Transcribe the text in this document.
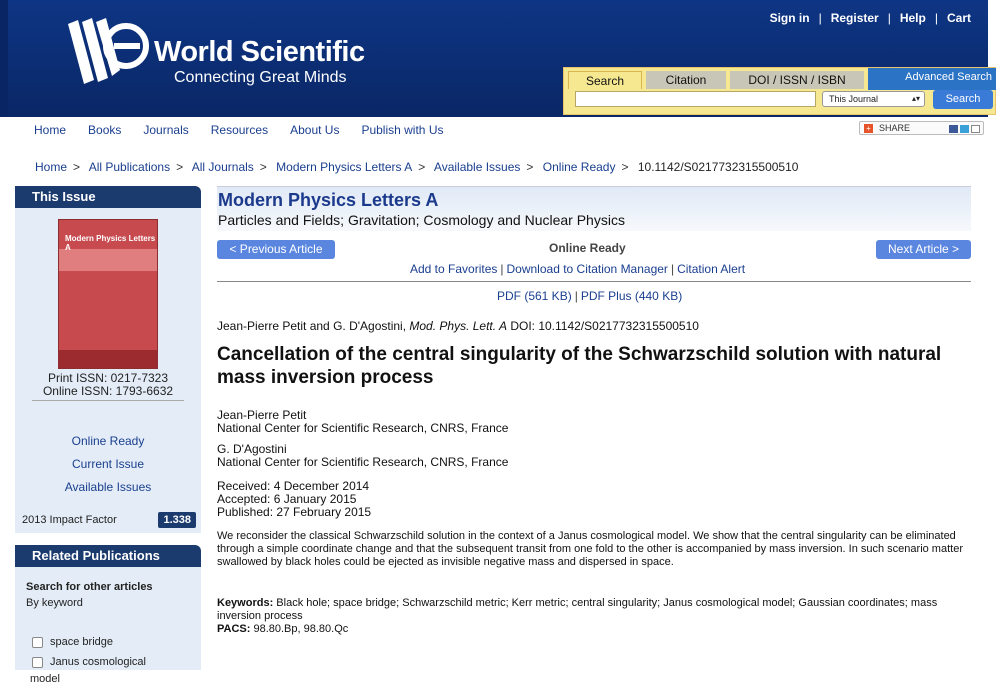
World Scientific
Connecting Great Minds
Sign in | Register | Help | Cart
Search	Citation	DOI / ISSN / ISBN	Advanced Search
This Journal	▴▾	Search
Home Books Journals Resources About Us Publish with Us	+ SHARE
Home > All Publications > All Journals > Modern Physics Letters A > Available Issues > Online Ready > 10.1142/S0217732315500510
This Issue
Modern Physics Letters A
Print ISSN: 0217-7323
Online ISSN: 1793-6632
Online Ready
Current Issue
Available Issues
2013 Impact Factor	1.338
Related Publications
Search for other articles
By keyword
space bridge
Janus cosmological
model
Modern Physics Letters A
Particles and Fields; Gravitation; Cosmology and Nuclear Physics
< Previous Article	Online Ready	Next Article >
Add to Favorites | Download to Citation Manager | Citation Alert
PDF (561 KB) | PDF Plus (440 KB)
Jean-Pierre Petit and G. D'Agostini, Mod. Phys. Lett. A DOI: 10.1142/S0217732315500510
Cancellation of the central singularity of the Schwarzschild solution with natural mass inversion process
Jean-Pierre Petit
National Center for Scientific Research, CNRS, France
G. D'Agostini
National Center for Scientific Research, CNRS, France
Received: 4 December 2014
Accepted: 6 January 2015
Published: 27 February 2015
We reconsider the classical Schwarzschild solution in the context of a Janus cosmological model. We show that the central singularity can be eliminated through a simple coordinate change and that the subsequent transit from one fold to the other is accompanied by mass inversion. In such scenario matter swallowed by black holes could be ejected as invisible negative mass and dispersed in space.
Keywords: Black hole; space bridge; Schwarzschild metric; Kerr metric; central singularity; Janus cosmological model; Gaussian coordinates; mass inversion process
PACS: 98.80.Bp, 98.80.Qc
